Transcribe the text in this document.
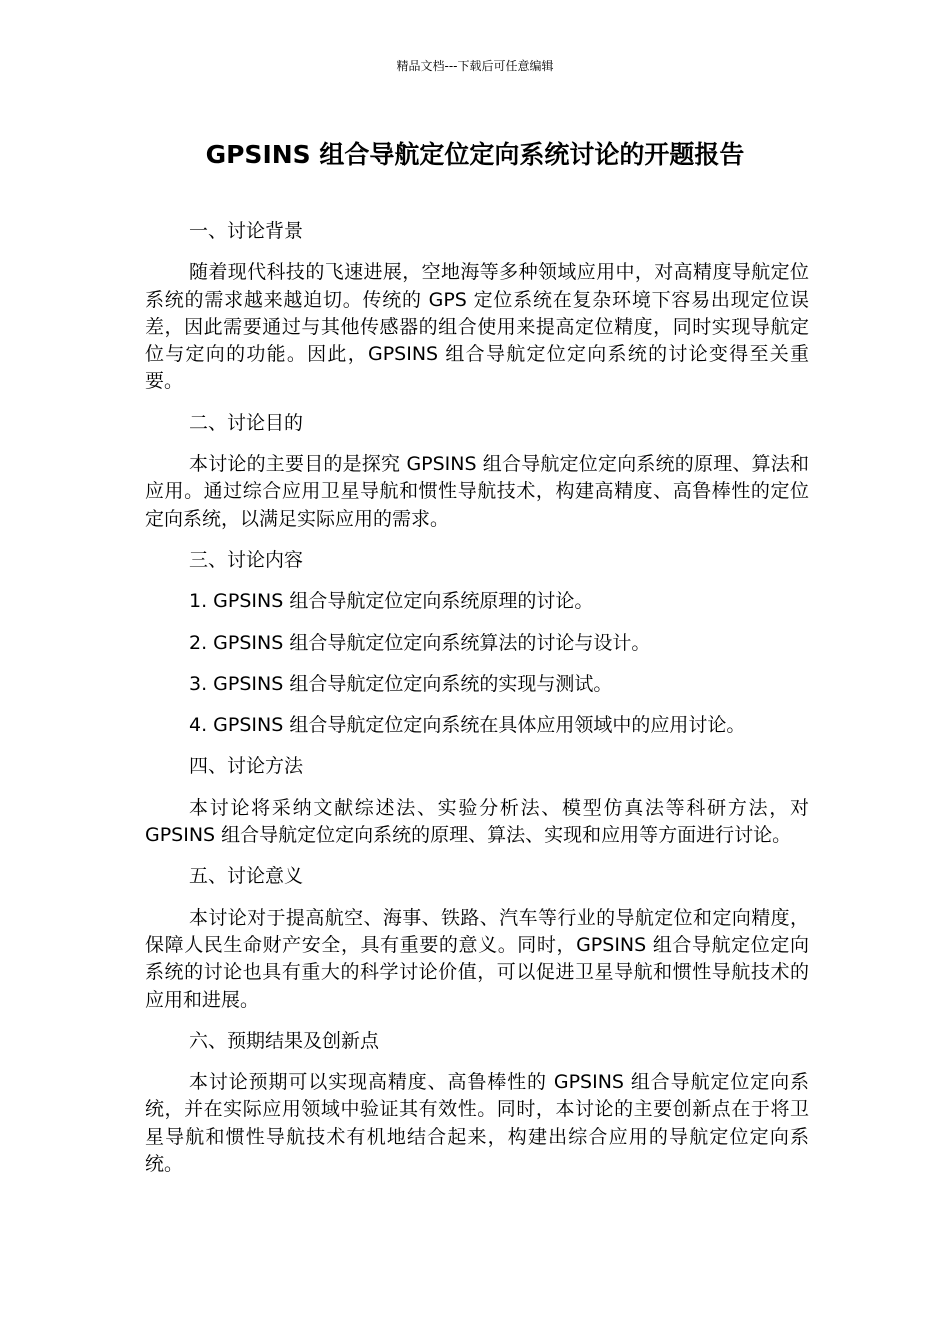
精品文档---下载后可任意编辑
GPSINS 组合导航定位定向系统讨论的开题报告

一、讨论背景

随着现代科技的飞速进展，空地海等多种领域应用中，对高精度导航定位系统的需求越来越迫切。传统的 GPS 定位系统在复杂环境下容易出现定位误差，因此需要通过与其他传感器的组合使用来提高定位精度，同时实现导航定位与定向的功能。因此，GPSINS 组合导航定位定向系统的讨论变得至关重要。

二、讨论目的

本讨论的主要目的是探究 GPSINS 组合导航定位定向系统的原理、算法和应用。通过综合应用卫星导航和惯性导航技术，构建高精度、高鲁棒性的定位定向系统，以满足实际应用的需求。

三、讨论内容

1. GPSINS 组合导航定位定向系统原理的讨论。

2. GPSINS 组合导航定位定向系统算法的讨论与设计。

3. GPSINS 组合导航定位定向系统的实现与测试。

4. GPSINS 组合导航定位定向系统在具体应用领域中的应用讨论。

四、讨论方法

本讨论将采纳文献综述法、实验分析法、模型仿真法等科研方法，对 GPSINS 组合导航定位定向系统的原理、算法、实现和应用等方面进行讨论。

五、讨论意义

本讨论对于提高航空、海事、铁路、汽车等行业的导航定位和定向精度，保障人民生命财产安全，具有重要的意义。同时，GPSINS 组合导航定位定向系统的讨论也具有重大的科学讨论价值，可以促进卫星导航和惯性导航技术的应用和进展。

六、预期结果及创新点

本讨论预期可以实现高精度、高鲁棒性的 GPSINS 组合导航定位定向系统，并在实际应用领域中验证其有效性。同时，本讨论的主要创新点在于将卫星导航和惯性导航技术有机地结合起来，构建出综合应用的导航定位定向系统。
